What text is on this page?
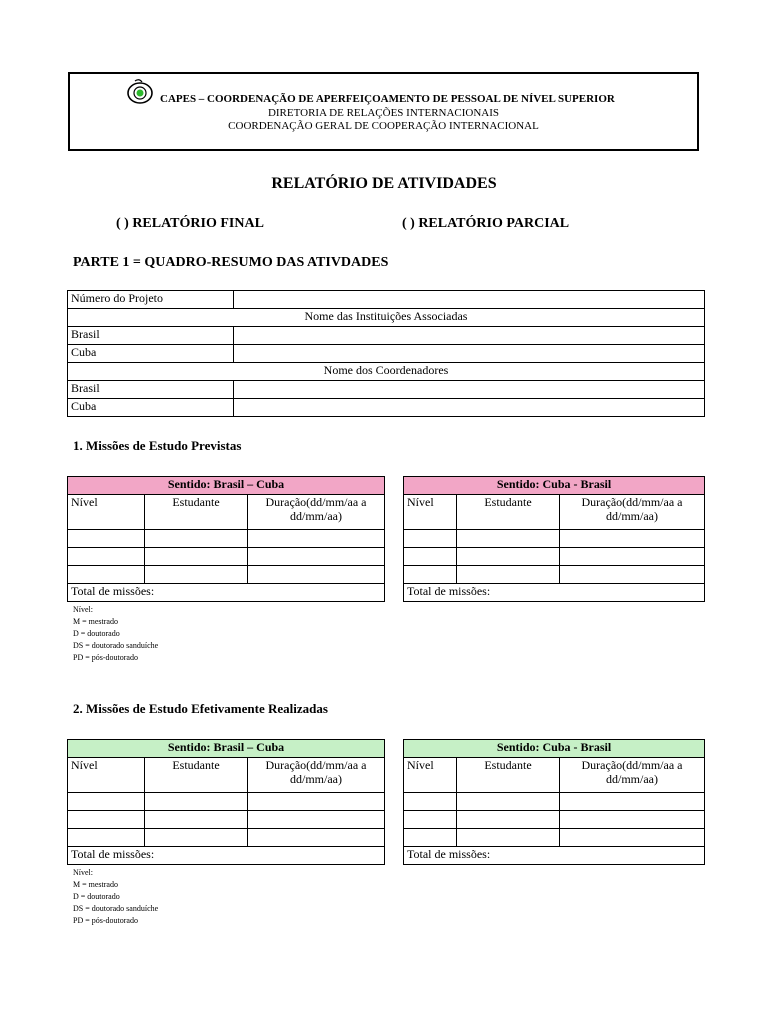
CAPES – COORDENAÇÃO DE APERFEIÇOAMENTO DE PESSOAL DE NÍVEL SUPERIOR
DIRETORIA DE RELAÇÕES INTERNACIONAIS
COORDENAÇÃO GERAL DE COOPERAÇÃO INTERNACIONAL
RELATÓRIO DE ATIVIDADES
( ) RELATÓRIO FINAL	( ) RELATÓRIO PARCIAL
PARTE 1 = QUADRO-RESUMO DAS ATIVDADES
Número do Projeto	
Nome das Instituições Associadas	
Brasil	
Cuba	
Nome dos Coordenadores	
Brasil	
Cuba	
1. Missões de Estudo Previstas
Sentido: Brasil – Cuba		
Nível	Estudante	Duração(dd/mm/aa a dd/mm/aa)

Total de missões:		
Sentido: Cuba - Brasil		
Nível	Estudante	Duração(dd/mm/aa a dd/mm/aa)

Total de missões:		
Nível:
M = mestrado
D = doutorado
DS = doutorado sanduíche
PD = pós-doutorado
2. Missões de Estudo Efetivamente Realizadas
Sentido: Brasil – Cuba		
Nível	Estudante	Duração(dd/mm/aa a dd/mm/aa)

Total de missões:		
Sentido: Cuba - Brasil		
Nível	Estudante	Duração(dd/mm/aa a dd/mm/aa)

Total de missões:		
Nível:
M = mestrado
D = doutorado
DS = doutorado sanduíche
PD = pós-doutorado
